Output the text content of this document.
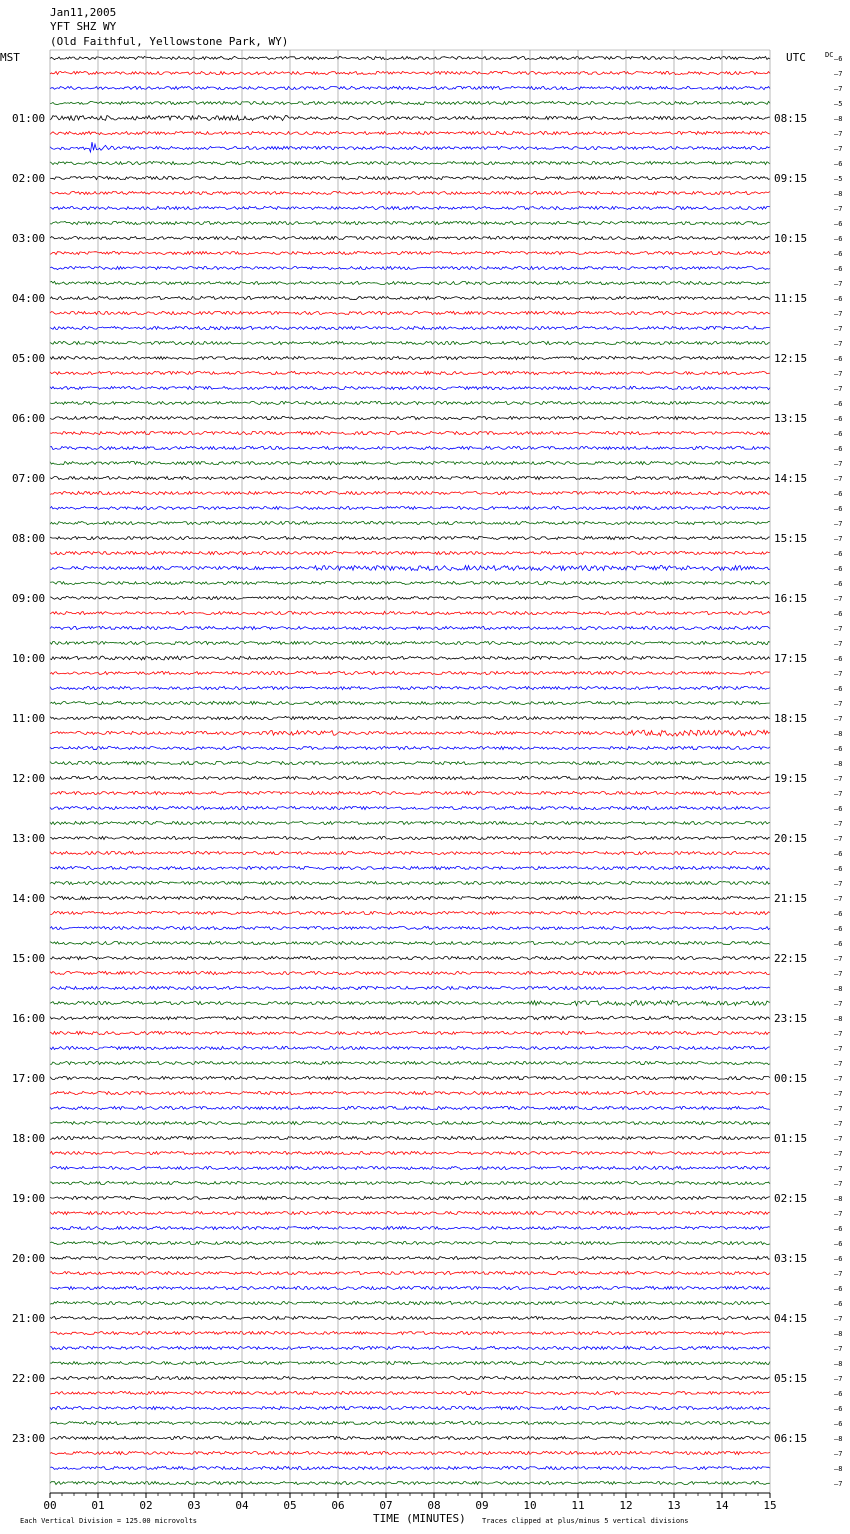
Jan11,2005
YFT SHZ WY
(Old Faithful, Yellowstone Park, WY)
MST	UTC	DC
01:00
02:00
03:00
04:00
05:00
06:00
07:00
08:00
09:00
10:00
11:00
12:00
13:00
14:00
15:00
16:00
17:00
18:00
19:00
20:00
21:00
22:00
23:00
08:15
09:15
10:15
11:15
12:15
13:15
14:15
15:15
16:15
17:15
18:15
19:15
20:15
21:15
22:15
23:15
00:15
01:15
02:15
03:15
04:15
05:15
06:15
–6
–7
–7
–5
–8
–7
–7
–6
–5
–8
–7
–6
–6
–6
–6
–7
–6
–7
–7
–7
–6
–7
–7
–6
–6
–6
–6
–7
–7
–6
–6
–7
–7
–6
–6
–6
–7
–6
–7
–7
–6
–7
–6
–7
–7
–8
–6
–8
–7
–7
–6
–7
–7
–6
–6
–7
–7
–6
–6
–6
–7
–7
–8
–7
–8
–7
–7
–7
–7
–7
–7
–7
–7
–7
–7
–7
–8
–7
–6
–6
–6
–7
–6
–6
–7
–8
–7
–8
–7
–6
–6
–6
–8
–7
–8
–7
00	01	02	03	04	05	06	07	08	09	10	11	12	13	14	15
Each Vertical Division = 125.00 microvolts	TIME (MINUTES) Traces clipped at plus/minus 5 vertical divisions
